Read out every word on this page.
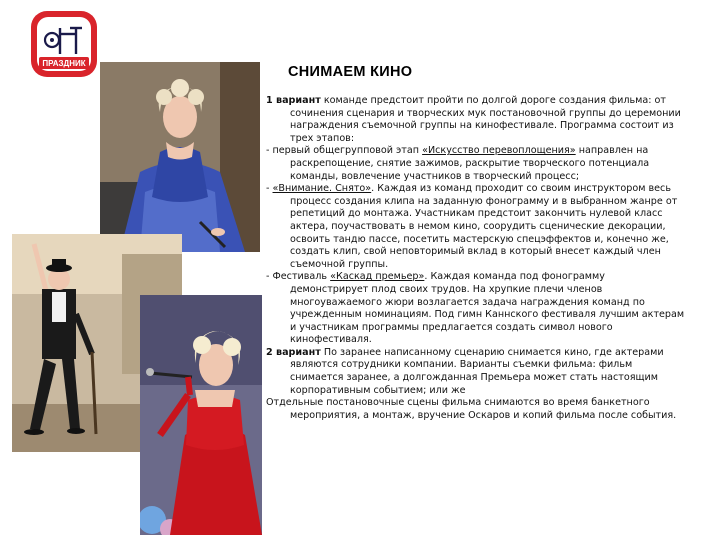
ПРАЗДНИК
СНИМАЕМ КИНО

1 вариант команде предстоит пройти по долгой дороге создания фильма: от сочинения сценария и творческих мук постановочной группы до церемонии награждения съемочной группы на кинофестивале. Программа состоит из трех этапов:

- первый общегрупповой этап «Искусство перевоплощения» направлен на раскрепощение, снятие зажимов, раскрытие творческого потенциала команды, вовлечение участников в творческий процесс;

- «Внимание. Снято». Каждая из команд проходит со своим инструктором весь процесс создания клипа на заданную фонограмму и в выбранном жанре от репетиций до монтажа. Участникам предстоит закончить нулевой класс актера, поучаствовать в немом кино, соорудить сценические декорации, освоить тандю пассе, посетить мастерскую спецэффектов и, конечно же, создать клип, свой неповторимый вклад в который внесет каждый член съемочной группы.

- Фестиваль «Каскад премьер». Каждая команда под фонограмму демонстрирует плод своих трудов. На хрупкие плечи членов многоуважаемого жюри возлагается задача награждения команд по учрежденным номинациям. Под гимн Каннского фестиваля лучшим актерам и участникам программы предлагается создать символ нового кинофестиваля.

2 вариант По заранее написанному сценарию снимается кино, где актерами являются сотрудники компании. Варианты съемки фильма: фильм снимается заранее, а долгожданная Премьера может стать настоящим корпоративным событием; или же

Отдельные постановочные сцены фильма снимаются во время банкетного мероприятия, а монтаж, вручение Оскаров и копий фильма после события.
